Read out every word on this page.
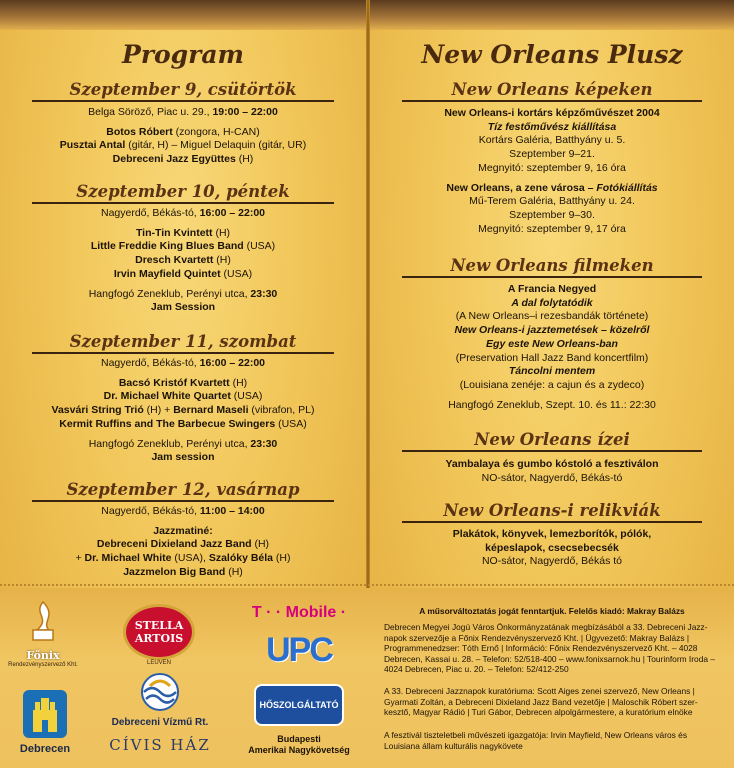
Program
Szeptember 9, csütörtök
Belga Söröző, Piac u. 29., 19:00 – 22:00
Botos Róbert (zongora, H-CAN)
Pusztai Antal (gitár, H) – Miguel Delaquin (gitár, UR)
Debreceni Jazz Együttes (H)
Szeptember 10, péntek
Nagyerdő, Békás-tó, 16:00 – 22:00
Tin-Tin Kvintett (H)
Little Freddie King Blues Band (USA)
Dresch Kvartett (H)
Irvin Mayfield Quintet (USA)
Hangfogó Zeneklub, Perényi utca, 23:30
Jam Session
Szeptember 11, szombat
Nagyerdő, Békás-tó, 16:00 – 22:00
Bacsó Kristóf Kvartett (H)
Dr. Michael White Quartet (USA)
Vasvári String Trió (H) + Bernard Maseli (vibrafon, PL)
Kermit Ruffins and The Barbecue Swingers (USA)
Hangfogó Zeneklub, Perényi utca, 23:30
Jam session
Szeptember 12, vasárnap
Nagyerdő, Békás-tó, 11:00 – 14:00
Jazzmatiné:
Debreceni Dixieland Jazz Band (H)
+ Dr. Michael White (USA), Szalóky Béla (H)
Jazzmelon Big Band (H)
New Orleans Plusz
New Orleans képeken
New Orleans-i kortárs képzőművészet 2004
Tíz festőművész kiállítása
Kortárs Galéria, Batthyány u. 5.
Szeptember 9–21.
Megnyitó: szeptember 9, 16 óra
New Orleans, a zene városa – Fotókiállítás
Mű-Terem Galéria, Batthyány u. 24.
Szeptember 9–30.
Megnyitó: szeptember 9, 17 óra
New Orleans filmeken
A Francia Negyed
A dal folytatódik
(A New Orleans–i rezesbandák története)
New Orleans-i jazztemetések – közelről
Egy este New Orleans-ban
(Preservation Hall Jazz Band koncertfilm)
Táncolni mentem
(Louisiana zenéje: a cajun és a zydeco)
Hangfogó Zeneklub, Szept. 10. és 11.: 22:30
New Orleans ízei
Yambalaya és gumbo kóstoló a fesztiválon
NO-sátor, Nagyerdő, Békás-tó
New Orleans-i relikviák
Plakátok, könyvek, lemezborítók, pólók,
képeslapok, csecsebecsék
NO-sátor, Nagyerdő, Békás tó
A műsorváltoztatás jogát fenntartjuk. Felelős kiadó: Makray Balázs
Debrecen Megyei Jogú Város Önkormányzatának megbízásából a 33. Debreceni Jazznapok szervezője a Főnix Rendezvényszervező Kht. | Ügyvezető: Makray Balázs | Programmenedzser: Tóth Ernő | Információ: Főnix Rendezvényszervező Kht. – 4028 Debrecen, Kassai u. 28. – Telefon: 52/518-400 – www.fonixsarnok.hu | Tourinform Iroda – 4024 Debrecen, Piac u. 20. – Telefon: 52/412-250
A 33. Debreceni Jazznapok kuratóriuma: Scott Aiges zenei szervező, New Orleans | Gyarmati Zoltán, a Debreceni Dixieland Jazz Band vezetője | Maloschik Róbert szerkesztő, Magyar Rádió | Turi Gábor, Debrecen alpolgármestere, a kuratórium elnöke
A fesztivál tiszteletbeli művészeti igazgatója: Irvin Mayfield, New Orleans város és Louisiana állam kulturális nagykövete
Főnix
Rendezvényszervező Kht.
Debrecen
STELLA
ARTOIS
LEUVEN
Debreceni Vízmű Rt.
CÍVIS HÁZ
T · · Mobile ·
UPC
HŐSZOLGÁLTATÓ
Budapesti
Amerikai Nagykövetség
